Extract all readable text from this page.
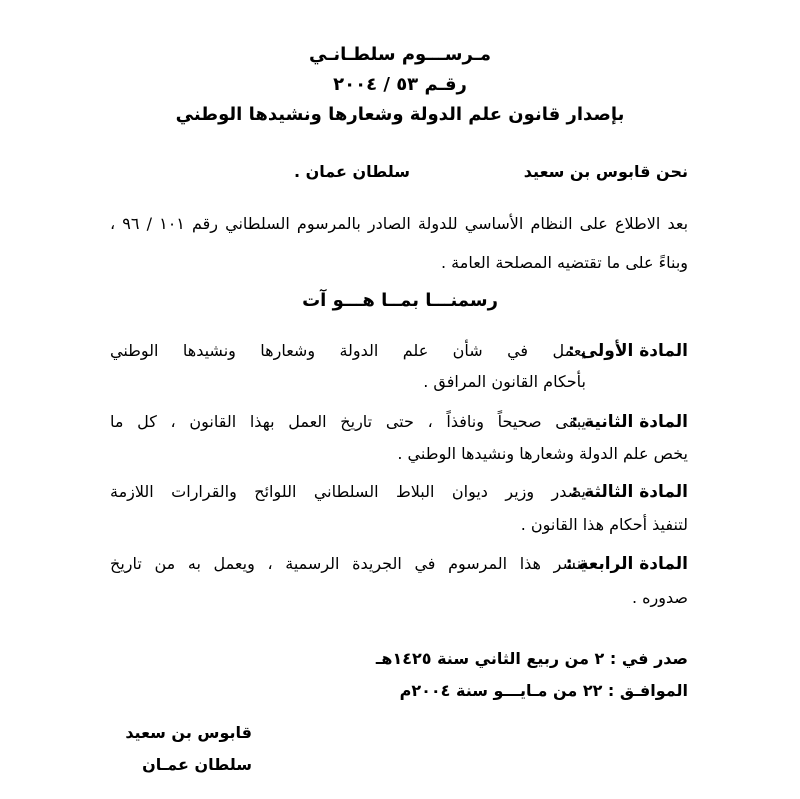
مـرســـوم سلطـانـي
رقـم ٥٣ / ٢٠٠٤
بإصدار قانون علم الدولة وشعارها ونشيدها الوطني
نحن قابوس بن سعيد
سلطان عمان .
بعد الاطلاع على النظام الأساسي للدولة الصادر بالمرسوم السلطاني رقم ١٠١ / ٩٦ ،
وبناءً على ما تقتضيه المصلحة العامة .
رسمنـــا بمــا هـــو آت
المادة الأولى :
يعمل في شأن علم الدولة وشعارها ونشيدها الوطني
بأحكام القانون المرافق .
المادة الثانية :
يبقى صحيحاً ونافذاً ، حتى تاريخ العمل بهذا القانون ، كل ما
يخص علم الدولة وشعارها ونشيدها الوطني .
المادة الثالثة :
يصدر وزير ديوان البلاط السلطاني اللوائح والقرارات اللازمة
لتنفيذ أحكام هذا القانون .
المادة الرابعة :
ينشر هذا المرسوم في الجريدة الرسمية ، ويعمل به من تاريخ
صدوره .
صدر في : ٢ من ربيع الثاني سنة ١٤٢٥هـ
الموافـق : ٢٢ من مـايـــو سنة ٢٠٠٤م
قابوس بن سعيد
سلطان عمـان
